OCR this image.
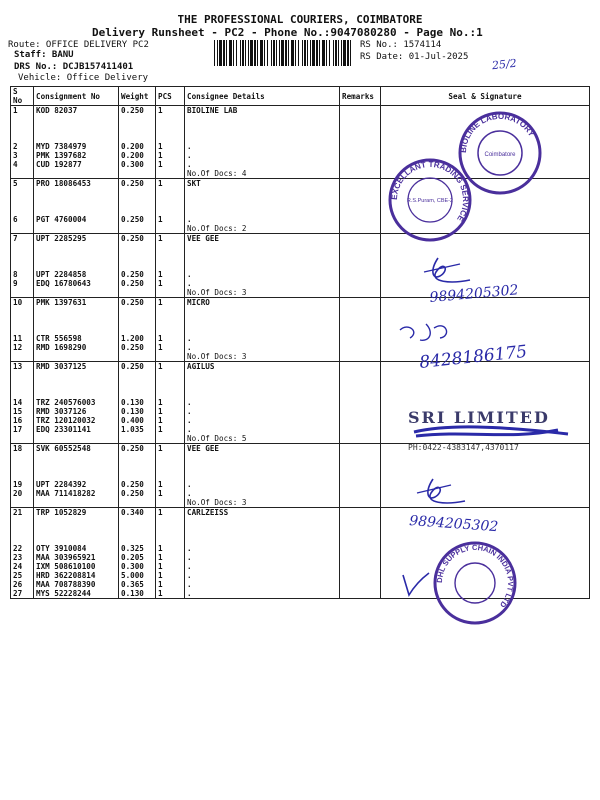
THE PROFESSIONAL COURIERS, COIMBATORE
Delivery Runsheet - PC2 - Phone No.:9047080280 - Page No.:1
Route: OFFICE DELIVERY PC2
Staff: BANU
DRS No.: DCJB157411401
Vehicle: Office Delivery
RS No.: 1574114
RS Date: 01-Jul-2025 25/2
S No	Consignment No	Weight	PCS	Consignee Details	Remarks	Seal & Signature
1	KOD 82037	0.250	1	BIOLINE LAB		

2	MYD 7384979	0.200	1	.		
3	PMK 1397682	0.200	1	.		
4	CUD 192877	0.300	1	.		
				No.Of Docs: 4		
5	PRO 18086453	0.250	1	SKT		

6	PGT 4760004	0.250	1	.		
				No.Of Docs: 2		
7	UPT 2285295	0.250	1	VEE GEE		

8	UPT 2284858	0.250	1	.		
9	EDQ 16780643	0.250	1	.		
				No.Of Docs: 3		
10	PMK 1397631	0.250	1	MICRO		

11	CTR 556598	1.200	1	.		
12	RMD 1698290	0.250	1	.		
				No.Of Docs: 3		
13	RMD 3037125	0.250	1	AGILUS		

14	TRZ 240576003	0.130	1	.		
15	RMD 3037126	0.130	1	.		
16	TRZ 120120032	0.400	1	.		
17	EDQ 23301141	1.035	1	.		
				No.Of Docs: 5		
18	SVK 60552548	0.250	1	VEE GEE		

19	UPT 2284392	0.250	1	.		
20	MAA 711418282	0.250	1	.		
				No.Of Docs: 3		
21	TRP 1052829	0.340	1	CARLZEISS		

22	OTY 3910084	0.325	1	.		
23	MAA 303965921	0.205	1	.		
24	IXM 508610100	0.300	1	.		
25	HRD 362208814	5.000	1	.		
26	MAA 708788390	0.365	1	.		
27	MYS 52228244	0.130	1	.		
BIOLINE LABORATORY
Coimbatore
EXCELLANT TRADING SERVICE
R.S.Puram, CBE-2
9894205302
8428186175
SRI LIMITED
PH:0422-4383147,4370117
9894205302
DHL SUPPLY CHAIN INDIA PVT LTD
